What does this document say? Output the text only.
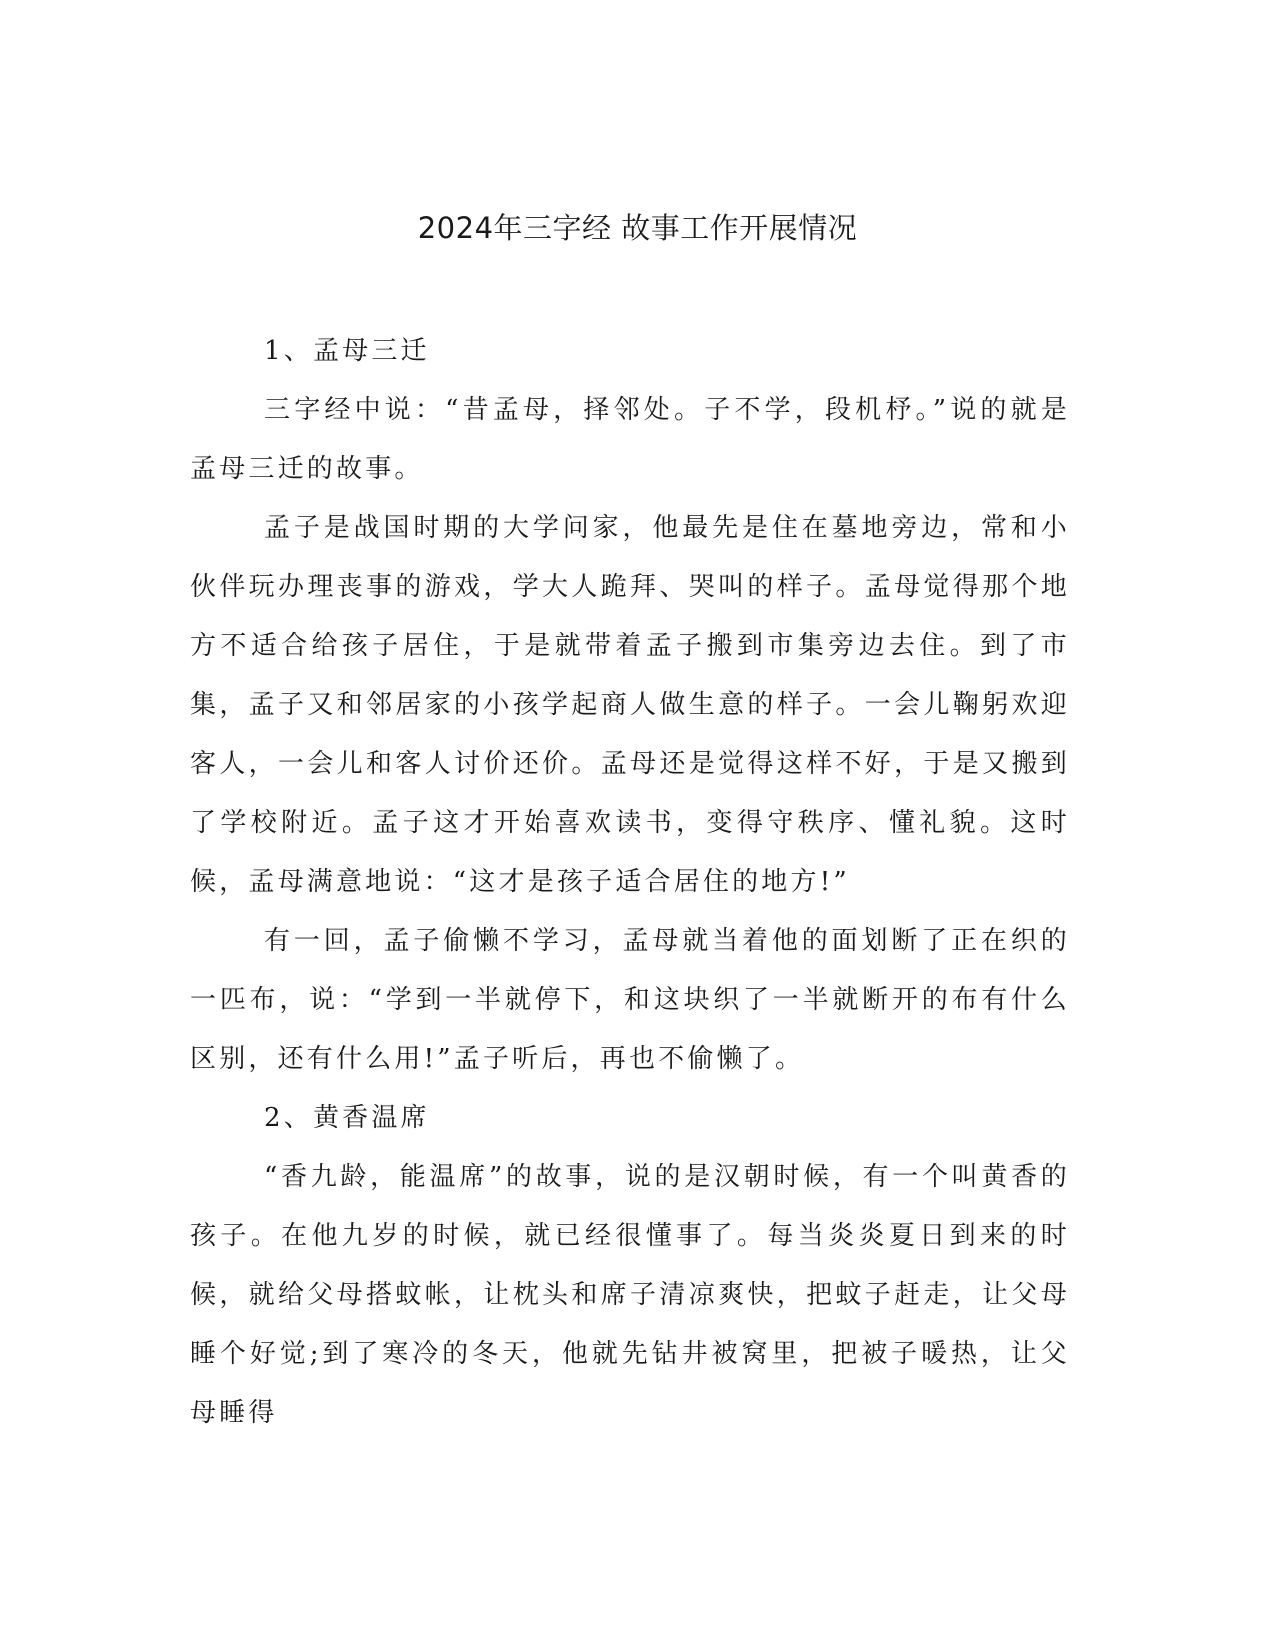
2024年三字经 故事工作开展情况

1、孟母三迁

三字经中说：“昔孟母，择邻处。子不学，段机杼。”说的就是孟母三迁的故事。

孟子是战国时期的大学问家，他最先是住在墓地旁边，常和小伙伴玩办理丧事的游戏，学大人跪拜、哭叫的样子。孟母觉得那个地方不适合给孩子居住，于是就带着孟子搬到市集旁边去住。到了市集，孟子又和邻居家的小孩学起商人做生意的样子。一会儿鞠躬欢迎客人，一会儿和客人讨价还价。孟母还是觉得这样不好，于是又搬到了学校附近。孟子这才开始喜欢读书，变得守秩序、懂礼貌。这时候，孟母满意地说：“这才是孩子适合居住的地方!”

有一回，孟子偷懒不学习，孟母就当着他的面划断了正在织的一匹布，说：“学到一半就停下，和这块织了一半就断开的布有什么区别，还有什么用!”孟子听后，再也不偷懒了。

2、黄香温席

“香九龄，能温席”的故事，说的是汉朝时候，有一个叫黄香的孩子。在他九岁的时候，就已经很懂事了。每当炎炎夏日到来的时候，就给父母搭蚊帐，让枕头和席子清凉爽快，把蚊子赶走，让父母睡个好觉;到了寒冷的冬天，他就先钻井被窝里，把被子暖热，让父母睡得
